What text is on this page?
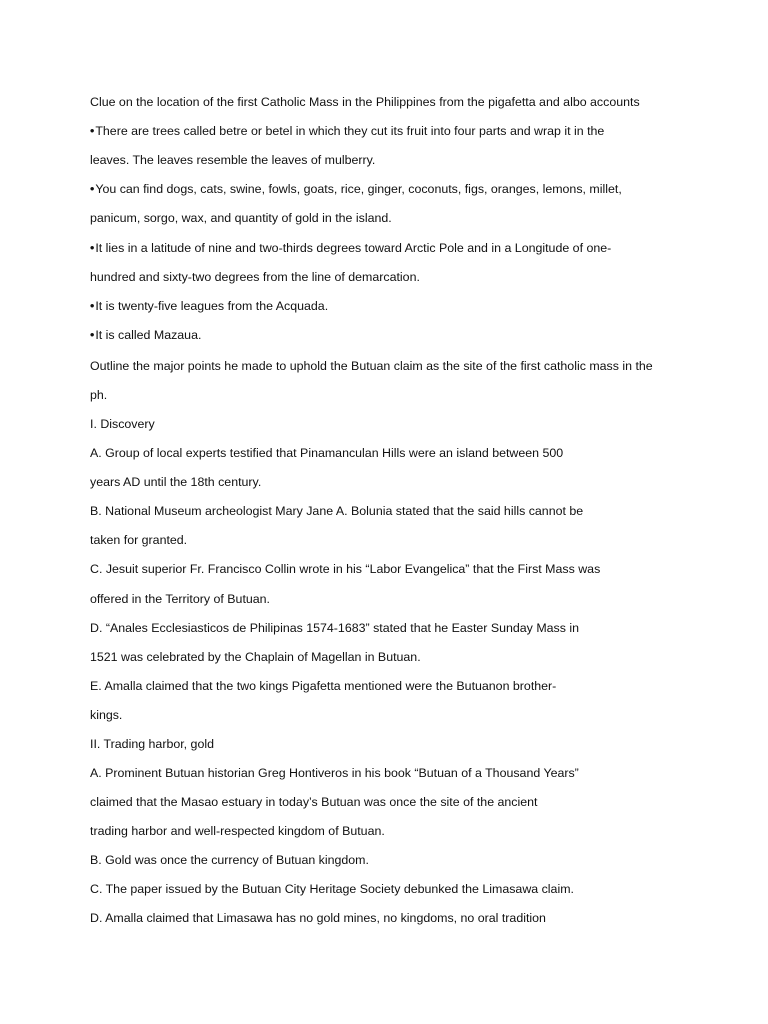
Clue on the location of the first Catholic Mass in the Philippines from the pigafetta and albo accounts

•There are trees called betre or betel in which they cut its fruit into four parts and wrap it in the

leaves. The leaves resemble the leaves of mulberry.

•You can find dogs, cats, swine, fowls, goats, rice, ginger, coconuts, figs, oranges, lemons, millet,

panicum, sorgo, wax, and quantity of gold in the island.

•It lies in a latitude of nine and two-thirds degrees toward Arctic Pole and in a Longitude of one-

hundred and sixty-two degrees from the line of demarcation.

•It is twenty-five leagues from the Acquada.

•It is called Mazaua.

Outline the major points he made to uphold the Butuan claim as the site of the first catholic mass in the

ph.

I. Discovery

A. Group of local experts testified that Pinamanculan Hills were an island between 500

years AD until the 18th century.

B. National Museum archeologist Mary Jane A. Bolunia stated that the said hills cannot be

taken for granted.

C. Jesuit superior Fr. Francisco Collin wrote in his “Labor Evangelica” that the First Mass was

offered in the Territory of Butuan.

D. “Anales Ecclesiasticos de Philipinas 1574-1683” stated that he Easter Sunday Mass in

1521 was celebrated by the Chaplain of Magellan in Butuan.

E. Amalla claimed that the two kings Pigafetta mentioned were the Butuanon brother-

kings.

II. Trading harbor, gold

A. Prominent Butuan historian Greg Hontiveros in his book “Butuan of a Thousand Years”

claimed that the Masao estuary in today’s Butuan was once the site of the ancient

trading harbor and well-respected kingdom of Butuan.

B. Gold was once the currency of Butuan kingdom.

C. The paper issued by the Butuan City Heritage Society debunked the Limasawa claim.

D. Amalla claimed that Limasawa has no gold mines, no kingdoms, no oral tradition
